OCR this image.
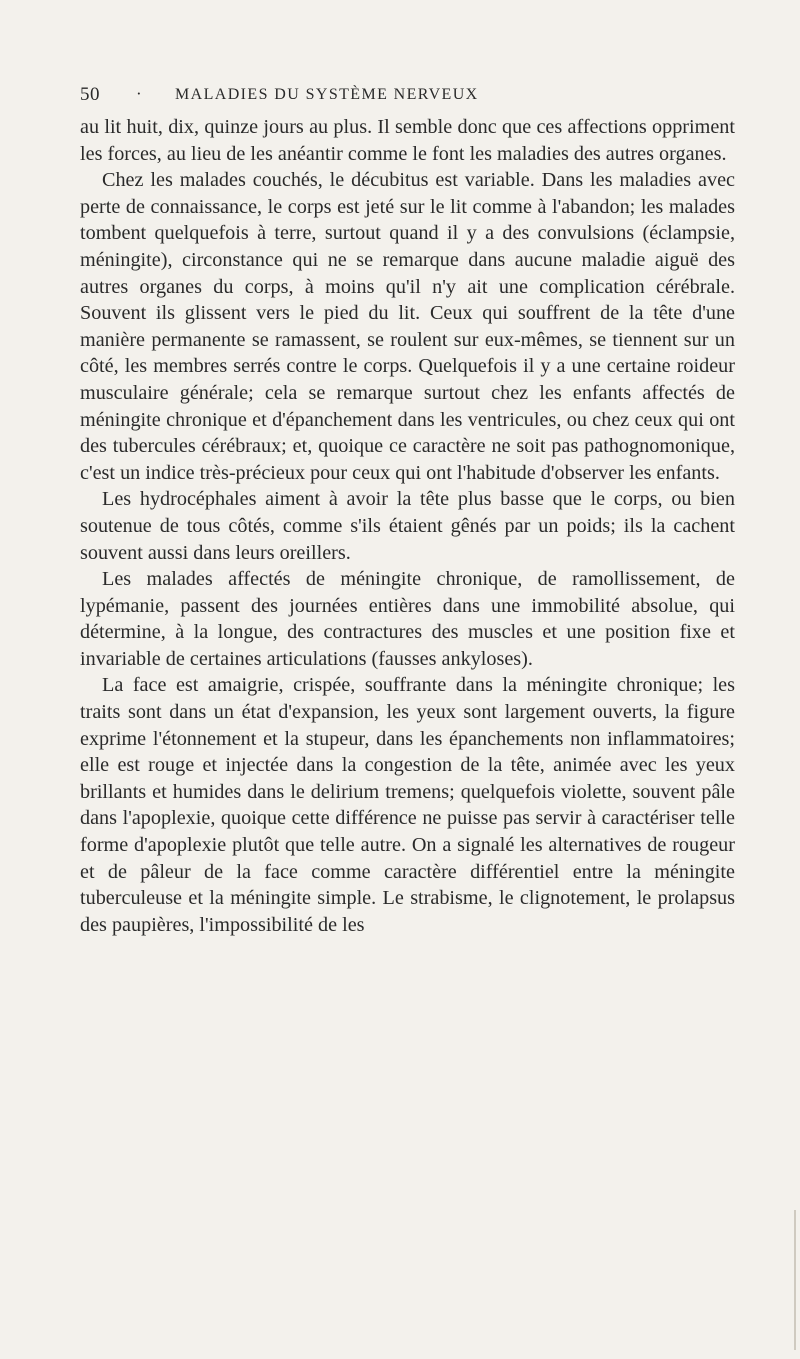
50 · MALADIES DU SYSTÈME NERVEUX

au lit huit, dix, quinze jours au plus. Il semble donc que ces affections oppriment les forces, au lieu de les anéantir comme le font les maladies des autres organes.

Chez les malades couchés, le décubitus est variable. Dans les maladies avec perte de connaissance, le corps est jeté sur le lit comme à l'abandon; les malades tombent quelquefois à terre, surtout quand il y a des convulsions (éclampsie, méningite), circonstance qui ne se remarque dans aucune maladie aiguë des autres organes du corps, à moins qu'il n'y ait une complication cérébrale. Souvent ils glissent vers le pied du lit. Ceux qui souffrent de la tête d'une manière permanente se ramassent, se roulent sur eux-mêmes, se tiennent sur un côté, les membres serrés contre le corps. Quelquefois il y a une certaine roideur musculaire générale; cela se remarque surtout chez les enfants affectés de méningite chronique et d'épanchement dans les ventricules, ou chez ceux qui ont des tubercules cérébraux; et, quoique ce caractère ne soit pas pathognomonique, c'est un indice très-précieux pour ceux qui ont l'habitude d'observer les enfants.

Les hydrocéphales aiment à avoir la tête plus basse que le corps, ou bien soutenue de tous côtés, comme s'ils étaient gênés par un poids; ils la cachent souvent aussi dans leurs oreillers.

Les malades affectés de méningite chronique, de ramollissement, de lypémanie, passent des journées entières dans une immobilité absolue, qui détermine, à la longue, des contractures des muscles et une position fixe et invariable de certaines articulations (fausses ankyloses).

La face est amaigrie, crispée, souffrante dans la méningite chronique; les traits sont dans un état d'expansion, les yeux sont largement ouverts, la figure exprime l'étonnement et la stupeur, dans les épanchements non inflammatoires; elle est rouge et injectée dans la congestion de la tête, animée avec les yeux brillants et humides dans le delirium tremens; quelquefois violette, souvent pâle dans l'apoplexie, quoique cette différence ne puisse pas servir à caractériser telle forme d'apoplexie plutôt que telle autre. On a signalé les alternatives de rougeur et de pâleur de la face comme caractère différentiel entre la méningite tuberculeuse et la méningite simple. Le strabisme, le clignotement, le prolapsus des paupières, l'impossibilité de les
